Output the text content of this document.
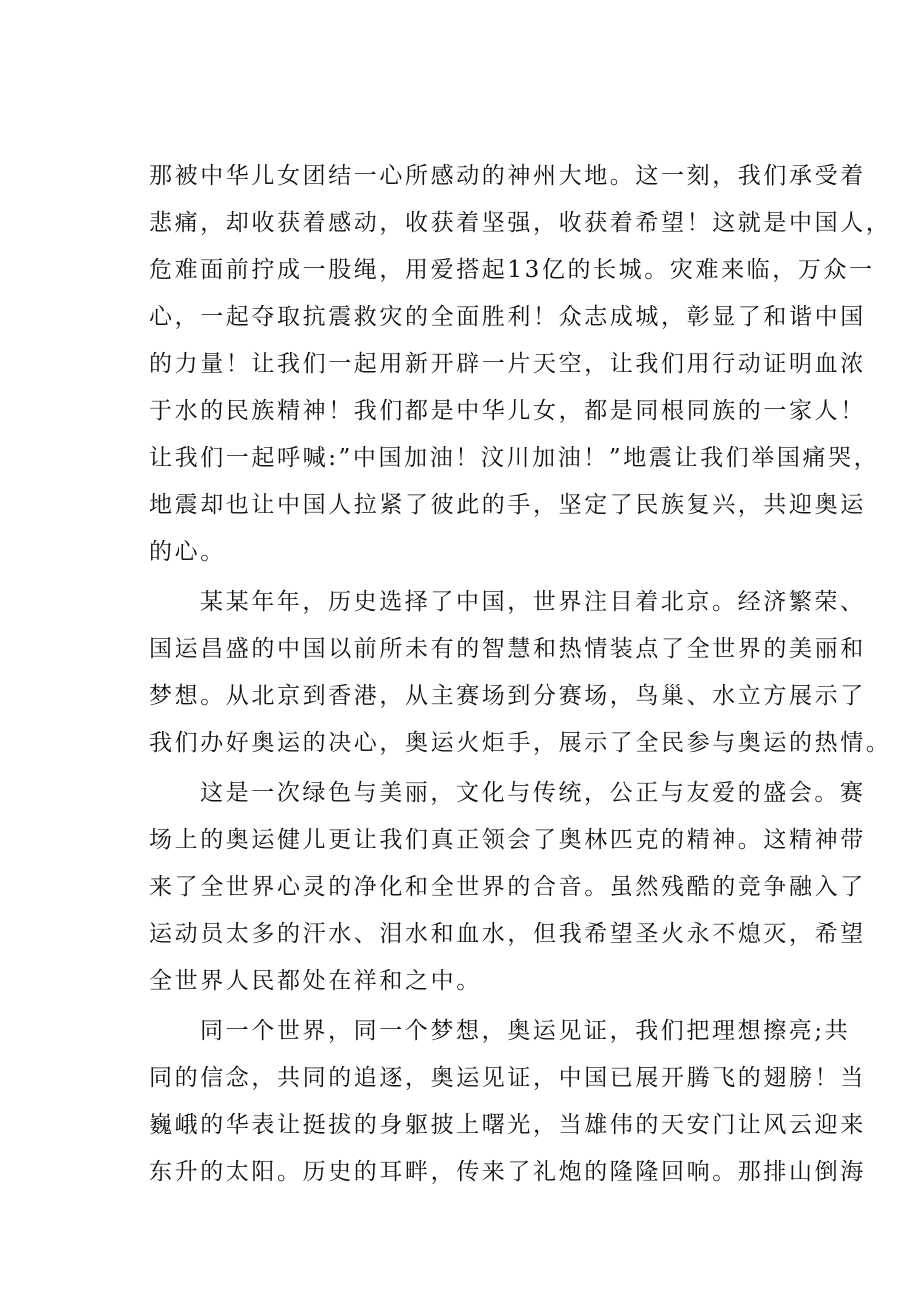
那被中华儿女团结一心所感动的神州大地。这一刻，我们承受着

悲痛，却收获着感动，收获着坚强，收获着希望！这就是中国人，

危难面前拧成一股绳，用爱搭起13亿的长城。灾难来临，万众一

心，一起夺取抗震救灾的全面胜利！众志成城，彰显了和谐中国

的力量！让我们一起用新开辟一片天空，让我们用行动证明血浓

于水的民族精神！我们都是中华儿女，都是同根同族的一家人！

让我们一起呼喊:”中国加油！汶川加油！”地震让我们举国痛哭，

地震却也让中国人拉紧了彼此的手，坚定了民族复兴，共迎奥运

的心。

某某年年，历史选择了中国，世界注目着北京。经济繁荣、

国运昌盛的中国以前所未有的智慧和热情装点了全世界的美丽和

梦想。从北京到香港，从主赛场到分赛场，鸟巢、水立方展示了

我们办好奥运的决心，奥运火炬手，展示了全民参与奥运的热情。

这是一次绿色与美丽，文化与传统，公正与友爱的盛会。赛

场上的奥运健儿更让我们真正领会了奥林匹克的精神。这精神带

来了全世界心灵的净化和全世界的合音。虽然残酷的竞争融入了

运动员太多的汗水、泪水和血水，但我希望圣火永不熄灭，希望

全世界人民都处在祥和之中。

同一个世界，同一个梦想，奥运见证，我们把理想擦亮;共

同的信念，共同的追逐，奥运见证，中国已展开腾飞的翅膀！当

巍峨的华表让挺拔的身躯披上曙光，当雄伟的天安门让风云迎来

东升的太阳。历史的耳畔，传来了礼炮的隆隆回响。那排山倒海
